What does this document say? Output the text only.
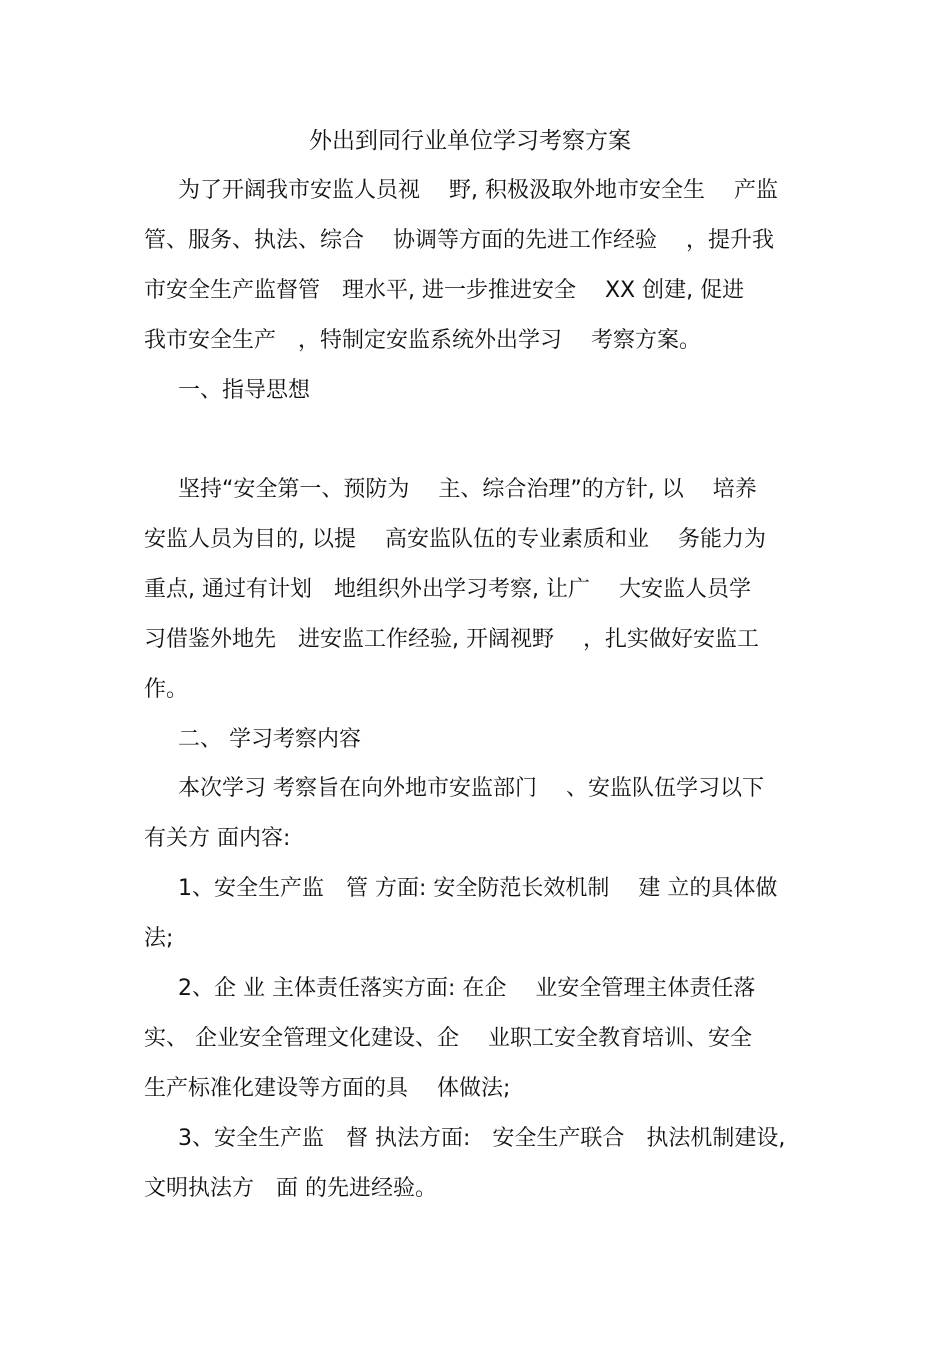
外出到同行业单位学习考察方案
为了开阔我市安监人员视　 野, 积极汲取外地市安全生　 产监
管、服务、执法、综合　 协调等方面的先进工作经验　 ，提升我
市安全生产监督管　理水平, 进一步推进安全　 XX 创建, 促进
我市安全生产　，特制定安监系统外出学习　 考察方案。
一、指导思想
坚持“安全第一、预防为　 主、综合治理”的方针, 以　 培养
安监人员为目的, 以提　 高安监队伍的专业素质和业　 务能力为
重点, 通过有计划　地组织外出学习考察, 让广　 大安监人员学
习借鉴外地先　进安监工作经验, 开阔视野　 ，扎实做好安监工
作。
二、 学习考察内容
本次学习 考察旨在向外地市安监部门　 、安监队伍学习以下
有关方 面内容:
1、安全生产监　管 方面: 安全防范长效机制　 建 立的具体做
法;
2、企 业 主体责任落实方面: 在企　 业安全管理主体责任落
实、 企业安全管理文化建设、企　 业职工安全教育培训、安全
生产标准化建设等方面的具　 体做法;
3、安全生产监　督 执法方面:　安全生产联合　执法机制建设,
文明执法方　面 的先进经验。
